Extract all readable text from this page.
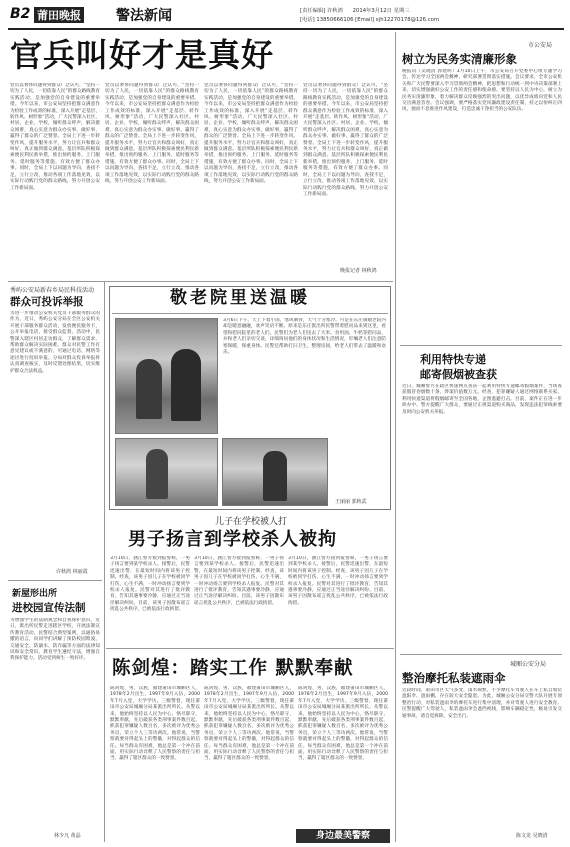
B2 莆田晚报	警法新闻	[责任编辑] 许秋鸿 2014年3月12日 星期三
[电话] 13850666106 [Email] xjh12270178@126.com
官兵叫好才是真好
党员以奢侈问题得到群众广泛认可，“坚持一切为了人民，一切依靠人民”的群众路线教育实践活动，是加强党的自身建设的重要举措。今年以来，市公安局坚持把群众满意作为检验工作成效的标准，深入开展“走基层、转作风、树形象”活动，广大民警深入社区、村居、企业、学校，倾听群众呼声，解决群众困难，真心实意为群众办实事、做好事，赢得了群众的广泛赞誉。全局上下进一步转变作风，提升服务水平，努力让官兵和群众叫好，真正做到群众满意。基层所队积极探索便民利民新举措，推出预约服务、上门服务、延时服务等措施，有效方便了群众办事。同时，全局上下以问题为导向，查找不足，立行立改，推动各项工作落地见效，以实际行动践行党的群众路线，努力开创公安工作新局面。
党员以奢侈问题得到群众广泛认可，“坚持一切为了人民，一切依靠人民”的群众路线教育实践活动，是加强党的自身建设的重要举措。今年以来，市公安局坚持把群众满意作为检验工作成效的标准，深入开展“走基层、转作风、树形象”活动，广大民警深入社区、村居、企业、学校，倾听群众呼声，解决群众困难，真心实意为群众办实事、做好事，赢得了群众的广泛赞誉。全局上下进一步转变作风，提升服务水平，努力让官兵和群众叫好，真正做到群众满意。基层所队积极探索便民利民新举措，推出预约服务、上门服务、延时服务等措施，有效方便了群众办事。同时，全局上下以问题为导向，查找不足，立行立改，推动各项工作落地见效，以实际行动践行党的群众路线，努力开创公安工作新局面。
党员以奢侈问题得到群众广泛认可，“坚持一切为了人民，一切依靠人民”的群众路线教育实践活动，是加强党的自身建设的重要举措。今年以来，市公安局坚持把群众满意作为检验工作成效的标准，深入开展“走基层、转作风、树形象”活动，广大民警深入社区、村居、企业、学校，倾听群众呼声，解决群众困难，真心实意为群众办实事、做好事，赢得了群众的广泛赞誉。全局上下进一步转变作风，提升服务水平，努力让官兵和群众叫好，真正做到群众满意。基层所队积极探索便民利民新举措，推出预约服务、上门服务、延时服务等措施，有效方便了群众办事。同时，全局上下以问题为导向，查找不足，立行立改，推动各项工作落地见效，以实际行动践行党的群众路线，努力开创公安工作新局面。
党员以奢侈问题得到群众广泛认可，“坚持一切为了人民，一切依靠人民”的群众路线教育实践活动，是加强党的自身建设的重要举措。今年以来，市公安局坚持把群众满意作为检验工作成效的标准，深入开展“走基层、转作风、树形象”活动，广大民警深入社区、村居、企业、学校，倾听群众呼声，解决群众困难，真心实意为群众办实事、做好事，赢得了群众的广泛赞誉。全局上下进一步转变作风，提升服务水平，努力让官兵和群众叫好，真正做到群众满意。基层所队积极探索便民利民新举措，推出预约服务、上门服务、延时服务等措施，有效方便了群众办事。同时，全局上下以问题为导向，查找不足，立行立改，推动各项工作落地见效，以实际行动践行党的群众路线，努力开创公安工作新局面。
晚报记者 林秋鸿
市公安局
树立为民务实清廉形象
晚报讯（吴晓清 郭建明）3月10日上午，市公安局召开党委中心组专题学习会，传达学习全国两会精神，研究部署贯彻落实措施。会议要求，全市公安机关和广大民警要深入学习贯彻两会精神，把思想和行动统一到中央决策部署上来，切实增强做好公安工作的责任感和使命感。要坚持以人民为中心，树立为民务实清廉形象，着力解决群众反映强烈的突出问题，以优异成绩向党和人民交出满意答卷。会议强调，要严格落实党风廉政建设责任制，持之以恒纠正四风，驰而不息推进作风建设，打造忠诚干净担当的公安队伍。
利用特快专递
邮寄假烟被查获
近日，城厢警方在辖区快递网点查获一起利用特快专递邮寄假烟案件，当场查获假冒卷烟数十条，涉案价值数万元。经查，犯罪嫌疑人通过网络联系买家，利用快递渠道将假烟邮寄至全国各地，企图逃避打击。目前，案件正在进一步侦办中。警方提醒广大群众，要通过正规渠道购买商品，发现违法犯罪线索要及时向公安机关举报。
城厢公安分局
整治摩托私装遮雨伞
近段时间，莆田市区天气多变，雨水频繁，不少摩托车驾驶人在车上私自加装遮阳伞、遮雨棚，存在较大安全隐患。为此，城厢公安分局交警大队开展专项整治行动，对私装遮雨伞的摩托车进行集中清理，并对驾驶人进行安全教育。民警提醒广大驾驶人，私装遮雨伞会遮挡视线，影响车辆稳定性，极易引发交通事故，请自觉拆除，安全出行。
陈文龙 吴晓清
秀屿公安局新春乡局民科技活动
群众可投诉举报
为进一步推动公安机关党员干部服务群众的作为，近日，秀屿公安分局在全区公安机关开展干部服务群众活动，发放便民服务卡，公开举报电话，接受群众监督。活动中，民警深入辖区村居走访群众，了解群众需求，帮助群众解决实际困难。群众对民警工作有意见建议或不满意的，可通过电话、网络等途径进行投诉举报。分局对群众投诉举报将认真调查核实，及时反馈处理结果，切实维护群众合法权益。
许秋鸿 林丽霞
新屋形出所
进校园宣传法制
为增强学生的法制观念和自我保护意识，近日，派出所民警走进辖区学校，开展法制宣传教育活动。民警结合典型案例，以通俗易懂的语言，向同学们讲解了预防校园欺凌、交通安全、防溺水、防诈骗等方面的法律知识和安全常识，教育学生遵纪守法，增强自我保护能力。活动受到师生一致好评。
林少凡 黄晶
敬老院里送温暖
3月6日下午，天上下着小雨，寒风刺骨，天气十分寒冷。可是在东庄镇敬老院内却是暖意融融，欢声笑语不断。原来是东庄派出所民警带着慰问品来到这里，看望和慰问院里的老人们。民警们为老人们送去了大米、食用油、牛奶等慰问品，并和老人们亲切交谈，详细询问他们的身体状况和生活情况，叮嘱老人们注意防寒保暖，保重身体。民警还帮助打扫卫生，整理房间，给老人们带去了温暖和欢乐。
王丽丽 郭秋武
儿子在学校被人打
男子扬言到学校杀人被拘
3月10日，涵江警方接到报警称，一男子扬言要到某学校杀人。接警后，民警迅速出警，在最短时间内将该男子控制。经查，该男子因儿子在学校被同学打伤，心生不满，一时冲动扬言要到学校杀人报复。民警对其进行了批评教育，告知其遇事要冷静，应通过正当途径解决纠纷。目前，该男子因散布谣言扰乱公共秩序，已被依法行政拘留。
3月10日，涵江警方接到报警称，一男子扬言要到某学校杀人。接警后，民警迅速出警，在最短时间内将该男子控制。经查，该男子因儿子在学校被同学打伤，心生不满，一时冲动扬言要到学校杀人报复。民警对其进行了批评教育，告知其遇事要冷静，应通过正当途径解决纠纷。目前，该男子因散布谣言扰乱公共秩序，已被依法行政拘留。
3月10日，涵江警方接到报警称，一男子扬言要到某学校杀人。接警后，民警迅速出警，在最短时间内将该男子控制。经查，该男子因儿子在学校被同学打伤，心生不满，一时冲动扬言要到学校杀人报复。民警对其进行了批评教育，告知其遇事要冷静，应通过正当途径解决纠纷。目前，该男子因散布谣言扰乱公共秩序，已被依法行政拘留。
陈剑煌：踏实工作 默默奉献
陈剑煌，男，汉族，福建莆田市城厢区人，1978年2月出生，1997年9月入伍，2000年7月入党，大学学历。三级警督，现任莆田市公安局城厢分局某派出所所长。从警以来，他始终坚持以人民为中心，恪尽职守，默默奉献，先后破获各类刑事案件数百起，抓获犯罪嫌疑人数百名，多次被评为优秀公务员，荣立个人三等功两次。他常说，当警察就要对得起头上的警徽，对得起群众的信任。每当群众有困难，他总是第一个冲在前面，用实际行动诠释了人民警察的责任与担当，赢得了辖区群众的一致赞誉。
陈剑煌，男，汉族，福建莆田市城厢区人，1978年2月出生，1997年9月入伍，2000年7月入党，大学学历。三级警督，现任莆田市公安局城厢分局某派出所所长。从警以来，他始终坚持以人民为中心，恪尽职守，默默奉献，先后破获各类刑事案件数百起，抓获犯罪嫌疑人数百名，多次被评为优秀公务员，荣立个人三等功两次。他常说，当警察就要对得起头上的警徽，对得起群众的信任。每当群众有困难，他总是第一个冲在前面，用实际行动诠释了人民警察的责任与担当，赢得了辖区群众的一致赞誉。
陈剑煌，男，汉族，福建莆田市城厢区人，1978年2月出生，1997年9月入伍，2000年7月入党，大学学历。三级警督，现任莆田市公安局城厢分局某派出所所长。从警以来，他始终坚持以人民为中心，恪尽职守，默默奉献，先后破获各类刑事案件数百起，抓获犯罪嫌疑人数百名，多次被评为优秀公务员，荣立个人三等功两次。他常说，当警察就要对得起头上的警徽，对得起群众的信任。每当群众有困难，他总是第一个冲在前面，用实际行动诠释了人民警察的责任与担当，赢得了辖区群众的一致赞誉。
身边最美警察
